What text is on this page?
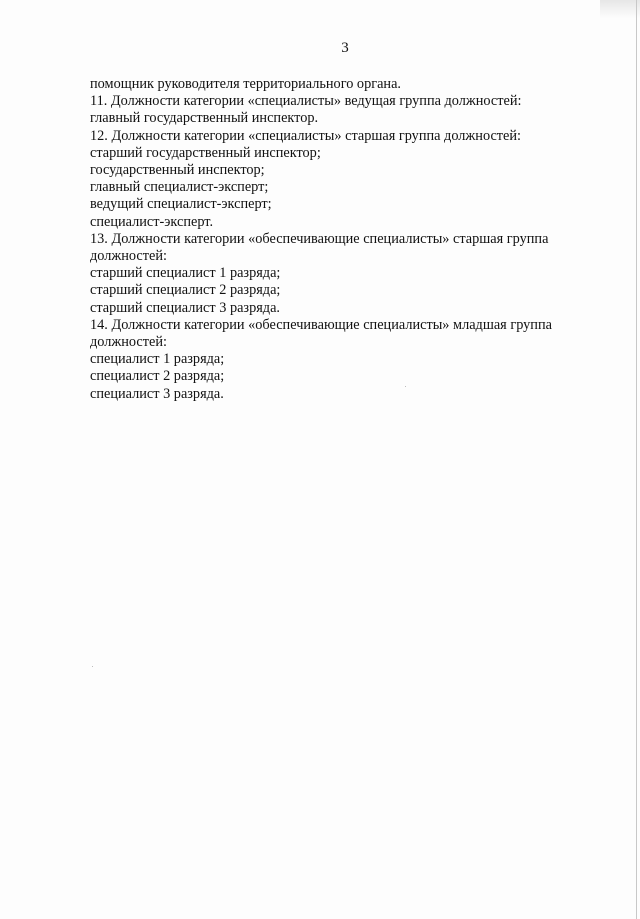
3
помощник руководителя территориального органа.
11. Должности категории «специалисты» ведущая группа должностей:
главный государственный инспектор.
12. Должности категории «специалисты» старшая группа должностей:
старший государственный инспектор;
государственный инспектор;
главный специалист-эксперт;
ведущий специалист-эксперт;
специалист-эксперт.
13. Должности категории «обеспечивающие специалисты» старшая группа
должностей:
старший специалист 1 разряда;
старший специалист 2 разряда;
старший специалист 3 разряда.
14. Должности категории «обеспечивающие специалисты» младшая группа
должностей:
специалист 1 разряда;
специалист 2 разряда;
специалист 3 разряда.
